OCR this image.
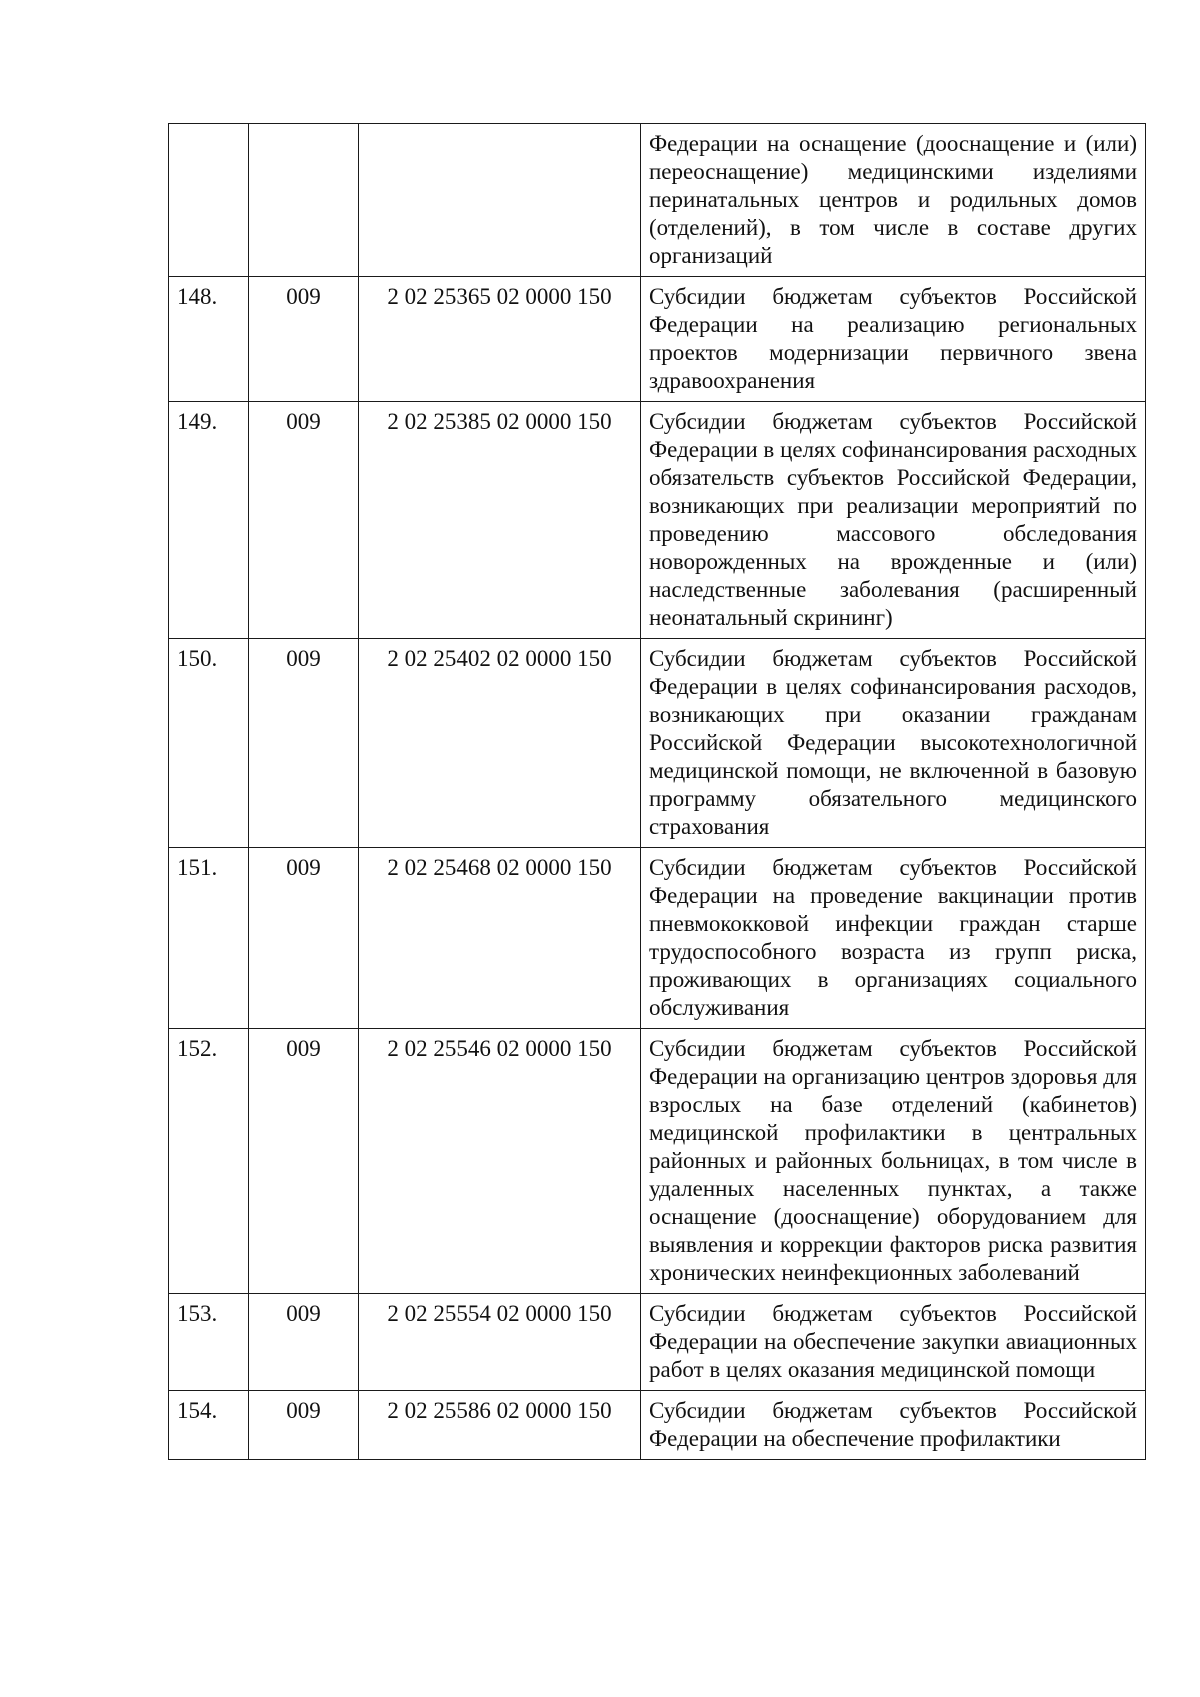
			Федерации на оснащение (дооснащение и (или) переоснащение) медицинскими изделиями перинатальных центров и родильных домов (отделений), в том числе в составе других организаций
148.	009	2 02 25365 02 0000 150	Субсидии бюджетам субъектов Российской Федерации на реализацию региональных проектов модернизации первичного звена здравоохранения
149.	009	2 02 25385 02 0000 150	Субсидии бюджетам субъектов Российской Федерации в целях софинансирования расходных обязательств субъектов Российской Федерации, возникающих при реализации мероприятий по проведению массового обследования новорожденных на врожденные и (или) наследственные заболевания (расширенный неонатальный скрининг)
150.	009	2 02 25402 02 0000 150	Субсидии бюджетам субъектов Российской Федерации в целях софинансирования расходов, возникающих при оказании гражданам Российской Федерации высокотехнологичной медицинской помощи, не включенной в базовую программу обязательного медицинского страхования
151.	009	2 02 25468 02 0000 150	Субсидии бюджетам субъектов Российской Федерации на проведение вакцинации против пневмококковой инфекции граждан старше трудоспособного возраста из групп риска, проживающих в организациях социального обслуживания
152.	009	2 02 25546 02 0000 150	Субсидии бюджетам субъектов Российской Федерации на организацию центров здоровья для взрослых на базе отделений (кабинетов) медицинской профилактики в центральных районных и районных больницах, в том числе в удаленных населенных пунктах, а также оснащение (дооснащение) оборудованием для выявления и коррекции факторов риска развития хронических неинфекционных заболеваний
153.	009	2 02 25554 02 0000 150	Субсидии бюджетам субъектов Российской Федерации на обеспечение закупки авиационных работ в целях оказания медицинской помощи
154.	009	2 02 25586 02 0000 150	Субсидии бюджетам субъектов Российской Федерации на обеспечение профилактики
